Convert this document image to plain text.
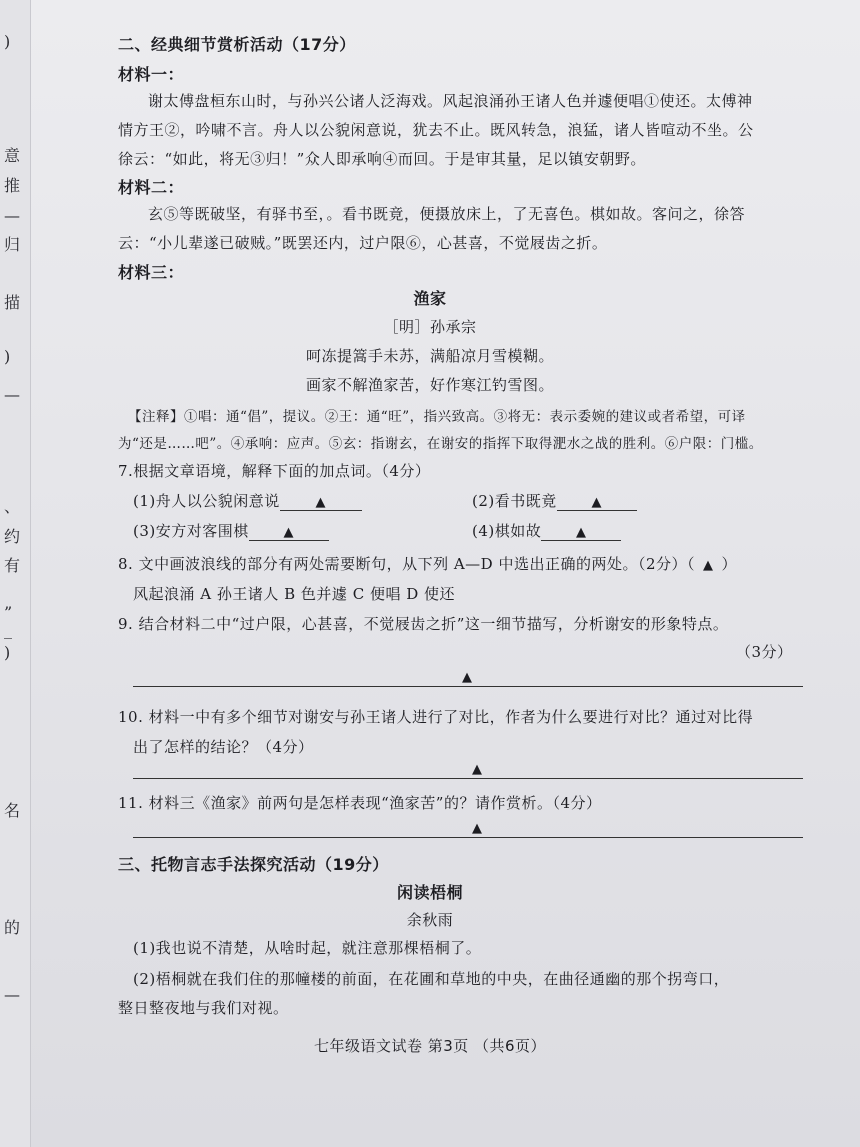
)
意
推
—
归
描
)
—
、
约
有
”
_
)
名
的
—
二、经典细节赏析活动（17分）
材料一：
谢太傅盘桓东山时，与孙兴公诸人泛海戏。风起浪涌孙王诸人色并遽便唱①使还。太傅神
情方王②，吟啸不言。舟人以公貌闲意说，犹去不止。既风转急，浪猛，诸人皆喧动不坐。公
徐云：“如此，将无③归！”众人即承响④而回。于是审其量，足以镇安朝野。
材料二：
玄⑤等既破坚，有驿书至，。看书既竟，便摄放床上，了无喜色。棋如故。客问之，徐答
云：“小儿辈遂已破贼。”既罢还内，过户限⑥，心甚喜，不觉屐齿之折。
材料三：
渔家
［明］孙承宗
呵冻提篙手未苏，满船凉月雪模糊。
画家不解渔家苦，好作寒江钓雪图。
【注释】①唱：通“倡”，提议。②王：通“旺”，指兴致高。③将无：表示委婉的建议或者希望，可译
为“还是……吧”。④承响：应声。⑤玄：指谢玄，在谢安的指挥下取得淝水之战的胜利。⑥户限：门槛。
7.根据文章语境，解释下面的加点词。（4分）
(1)舟人以公貌闲意说	▲	(2)看书既竟	▲
(3)安方对客围棋	▲	(4)棋如故	▲
8. 文中画波浪线的部分有两处需要断句，从下列 A—D 中选出正确的两处。（2分）（ ▲ ）
风起浪涌 A 孙王诸人 B 色并遽 C 便唱 D 使还
9. 结合材料二中“过户限，心甚喜，不觉屐齿之折”这一细节描写，分析谢安的形象特点。
（3分）
▲
10. 材料一中有多个细节对谢安与孙王诸人进行了对比，作者为什么要进行对比？通过对比得
出了怎样的结论？（4分）
▲
11. 材料三《渔家》前两句是怎样表现“渔家苦”的？请作赏析。（4分）
▲
三、托物言志手法探究活动（19分）
闲读梧桐
余秋雨
(1)我也说不清楚，从啥时起，就注意那棵梧桐了。
(2)梧桐就在我们住的那幢楼的前面，在花圃和草地的中央，在曲径通幽的那个拐弯口，
整日整夜地与我们对视。
七年级语文试卷 第3页 （共6页）
